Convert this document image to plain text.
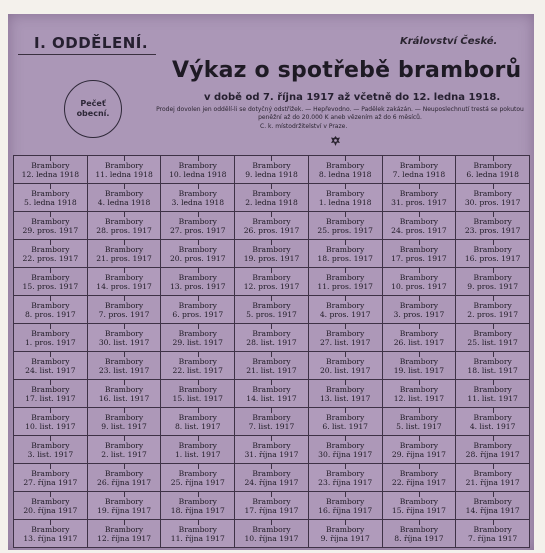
I. ODDĚLENÍ.	Království České.
Výkaz o spotřebě bramborů
v době od 7. října 1917 až včetně do 12. ledna 1918.
Prodej dovolen jen oddělí-li se dotyčný odstřižek. — Hepřevodno. — Padělek zakázán. — Neuposlechnutí trestá se pokutou peněžní až do 20.000 K aneb vězením až do 6 měsíců.
C. k. místodržitelství v Praze.
Pečeť
obecní.
Brambory
12. ledna 1918
Brambory
11. ledna 1918
Brambory
10. ledna 1918
Brambory
9. ledna 1918
Brambory
8. ledna 1918
Brambory
7. ledna 1918
Brambory
6. ledna 1918
Brambory
5. ledna 1918
Brambory
4. ledna 1918
Brambory
3. ledna 1918
Brambory
2. ledna 1918
Brambory
1. ledna 1918
Brambory
31. pros. 1917
Brambory
30. pros. 1917
Brambory
29. pros. 1917
Brambory
28. pros. 1917
Brambory
27. pros. 1917
Brambory
26. pros. 1917
Brambory
25. pros. 1917
Brambory
24. pros. 1917
Brambory
23. pros. 1917
Brambory
22. pros. 1917
Brambory
21. pros. 1917
Brambory
20. pros. 1917
Brambory
19. pros. 1917
Brambory
18. pros. 1917
Brambory
17. pros. 1917
Brambory
16. pros. 1917
Brambory
15. pros. 1917
Brambory
14. pros. 1917
Brambory
13. pros. 1917
Brambory
12. pros. 1917
Brambory
11. pros. 1917
Brambory
10. pros. 1917
Brambory
9. pros. 1917
Brambory
8. pros. 1917
Brambory
7. pros. 1917
Brambory
6. pros. 1917
Brambory
5. pros. 1917
Brambory
4. pros. 1917
Brambory
3. pros. 1917
Brambory
2. pros. 1917
Brambory
1. pros. 1917
Brambory
30. list. 1917
Brambory
29. list. 1917
Brambory
28. list. 1917
Brambory
27. list. 1917
Brambory
26. list. 1917
Brambory
25. list. 1917
Brambory
24. list. 1917
Brambory
23. list. 1917
Brambory
22. list. 1917
Brambory
21. list. 1917
Brambory
20. list. 1917
Brambory
19. list. 1917
Brambory
18. list. 1917
Brambory
17. list. 1917
Brambory
16. list. 1917
Brambory
15. list. 1917
Brambory
14. list. 1917
Brambory
13. list. 1917
Brambory
12. list. 1917
Brambory
11. list. 1917
Brambory
10. list. 1917
Brambory
9. list. 1917
Brambory
8. list. 1917
Brambory
7. list. 1917
Brambory
6. list. 1917
Brambory
5. list. 1917
Brambory
4. list. 1917
Brambory
3. list. 1917
Brambory
2. list. 1917
Brambory
1. list. 1917
Brambory
31. října 1917
Brambory
30. října 1917
Brambory
29. října 1917
Brambory
28. října 1917
Brambory
27. října 1917
Brambory
26. října 1917
Brambory
25. října 1917
Brambory
24. října 1917
Brambory
23. října 1917
Brambory
22. října 1917
Brambory
21. října 1917
Brambory
20. října 1917
Brambory
19. října 1917
Brambory
18. října 1917
Brambory
17. října 1917
Brambory
16. října 1917
Brambory
15. října 1917
Brambory
14. října 1917
Brambory
13. října 1917
Brambory
12. října 1917
Brambory
11. října 1917
Brambory
10. října 1917
Brambory
9. října 1917
Brambory
8. října 1917
Brambory
7. října 1917
